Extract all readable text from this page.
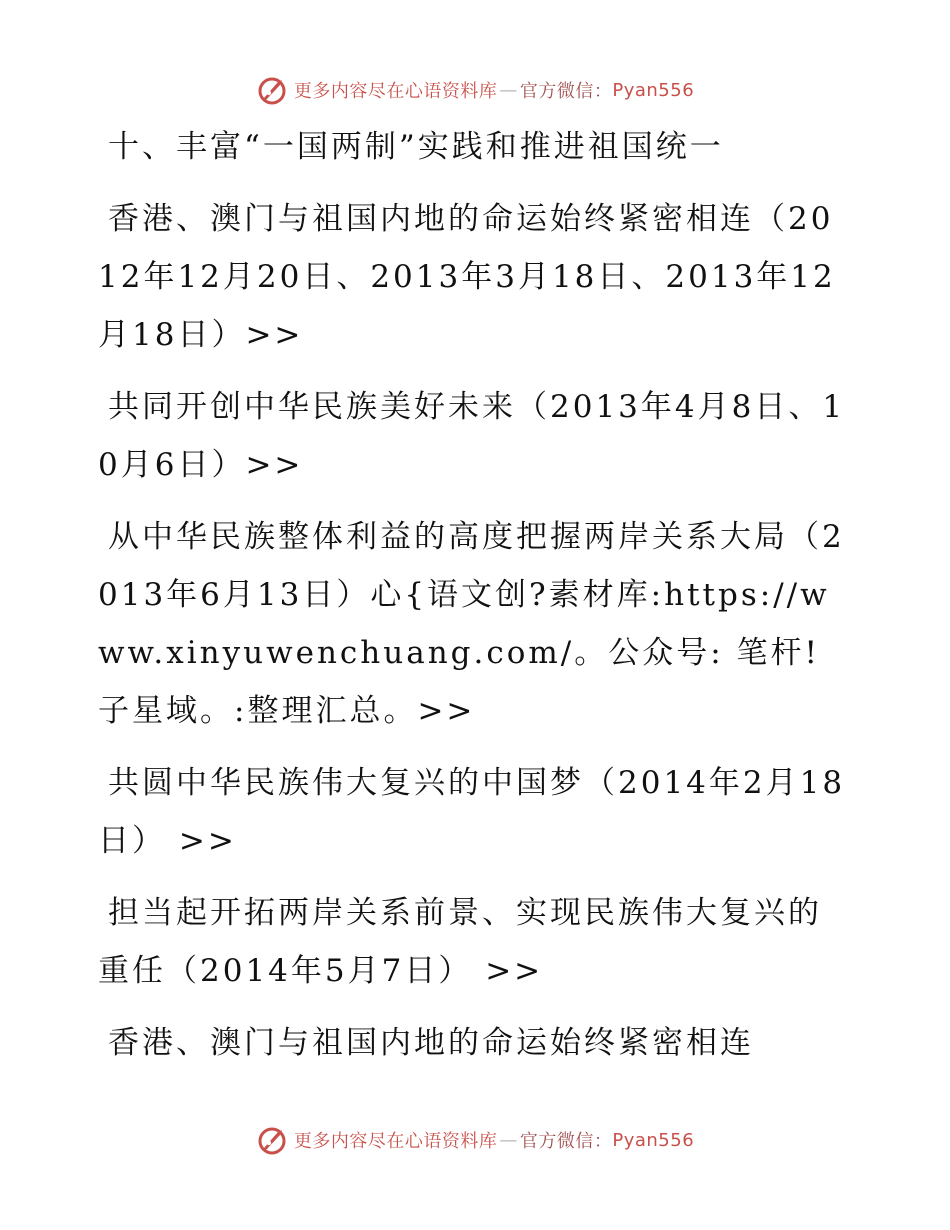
更多内容尽在心语资料库 — 官方微信： Pyan556

十、丰富“一国两制”实践和推进祖国统一

香港、澳门与祖国内地的命运始终紧密相连（2012年12月20日、2013年3月18日、2013年12月18日）>>

共同开创中华民族美好未来（2013年4月8日、10月6日）>>

从中华民族整体利益的高度把握两岸关系大局（2013年6月13日）心{语文创?素材库:https://www.xinyuwenchuang.com/。公众号: 笔杆! 子星域。:整理汇总。>>

共圆中华民族伟大复兴的中国梦（2014年2月18日） >>

担当起开拓两岸关系前景、实现民族伟大复兴的重任（2014年5月7日） >>

香港、澳门与祖国内地的命运始终紧密相连

更多内容尽在心语资料库 — 官方微信： Pyan556
